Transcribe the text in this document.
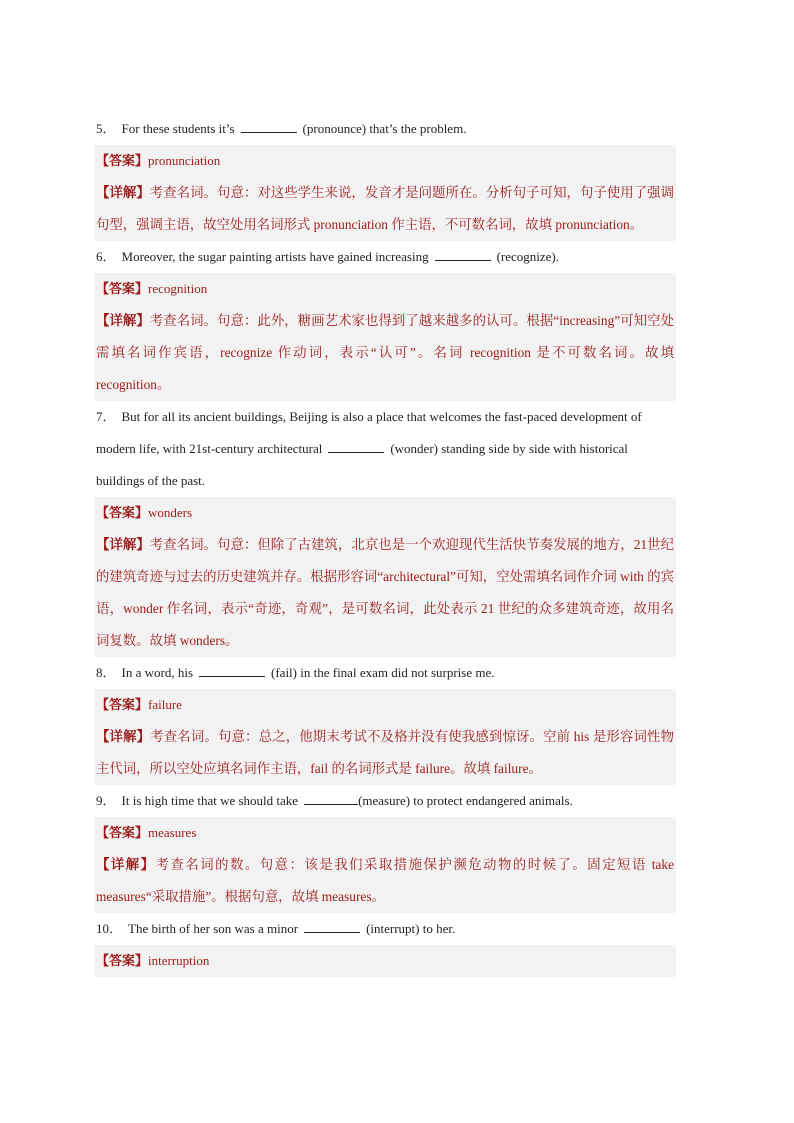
5． For these students it’s	(pronounce) that’s the problem.
【答案】pronunciation
【详解】考查名词。句意：对这些学生来说，发音才是问题所在。分析句子可知，句子使用了强调句型，强调主语，故空处用名词形式 pronunciation 作主语，不可数名词，故填 pronunciation。
6． Moreover, the sugar painting artists have gained increasing	(recognize).
【答案】recognition
【详解】考查名词。句意：此外，糖画艺术家也得到了越来越多的认可。根据“increasing”可知空处需填名词作宾语，recognize 作动词，表示“认可”。名词 recognition 是不可数名词。故填 recognition。
7． But for all its ancient buildings, Beijing is also a place that welcomes the fast-paced development of modern life, with 21st-century architectural	(wonder) standing side by side with historical buildings of the past.
【答案】wonders
【详解】考查名词。句意：但除了古建筑，北京也是一个欢迎现代生活快节奏发展的地方，21世纪的建筑奇迹与过去的历史建筑并存。根据形容词“architectural”可知，空处需填名词作介词 with 的宾语，wonder 作名词，表示“奇迹，奇观”，是可数名词，此处表示 21 世纪的众多建筑奇迹，故用名词复数。故填 wonders。
8． In a word, his	(fail) in the final exam did not surprise me.
【答案】failure
【详解】考查名词。句意：总之，他期末考试不及格并没有使我感到惊讶。空前 his 是形容词性物主代词，所以空处应填名词作主语，fail 的名词形式是 failure。故填 failure。
9． It is high time that we should take	(measure) to protect endangered animals.
【答案】measures
【详解】考查名词的数。句意：该是我们采取措施保护濒危动物的时候了。固定短语 take measures“采取措施”。根据句意，故填 measures。
10． The birth of her son was a minor	(interrupt) to her.
【答案】interruption
